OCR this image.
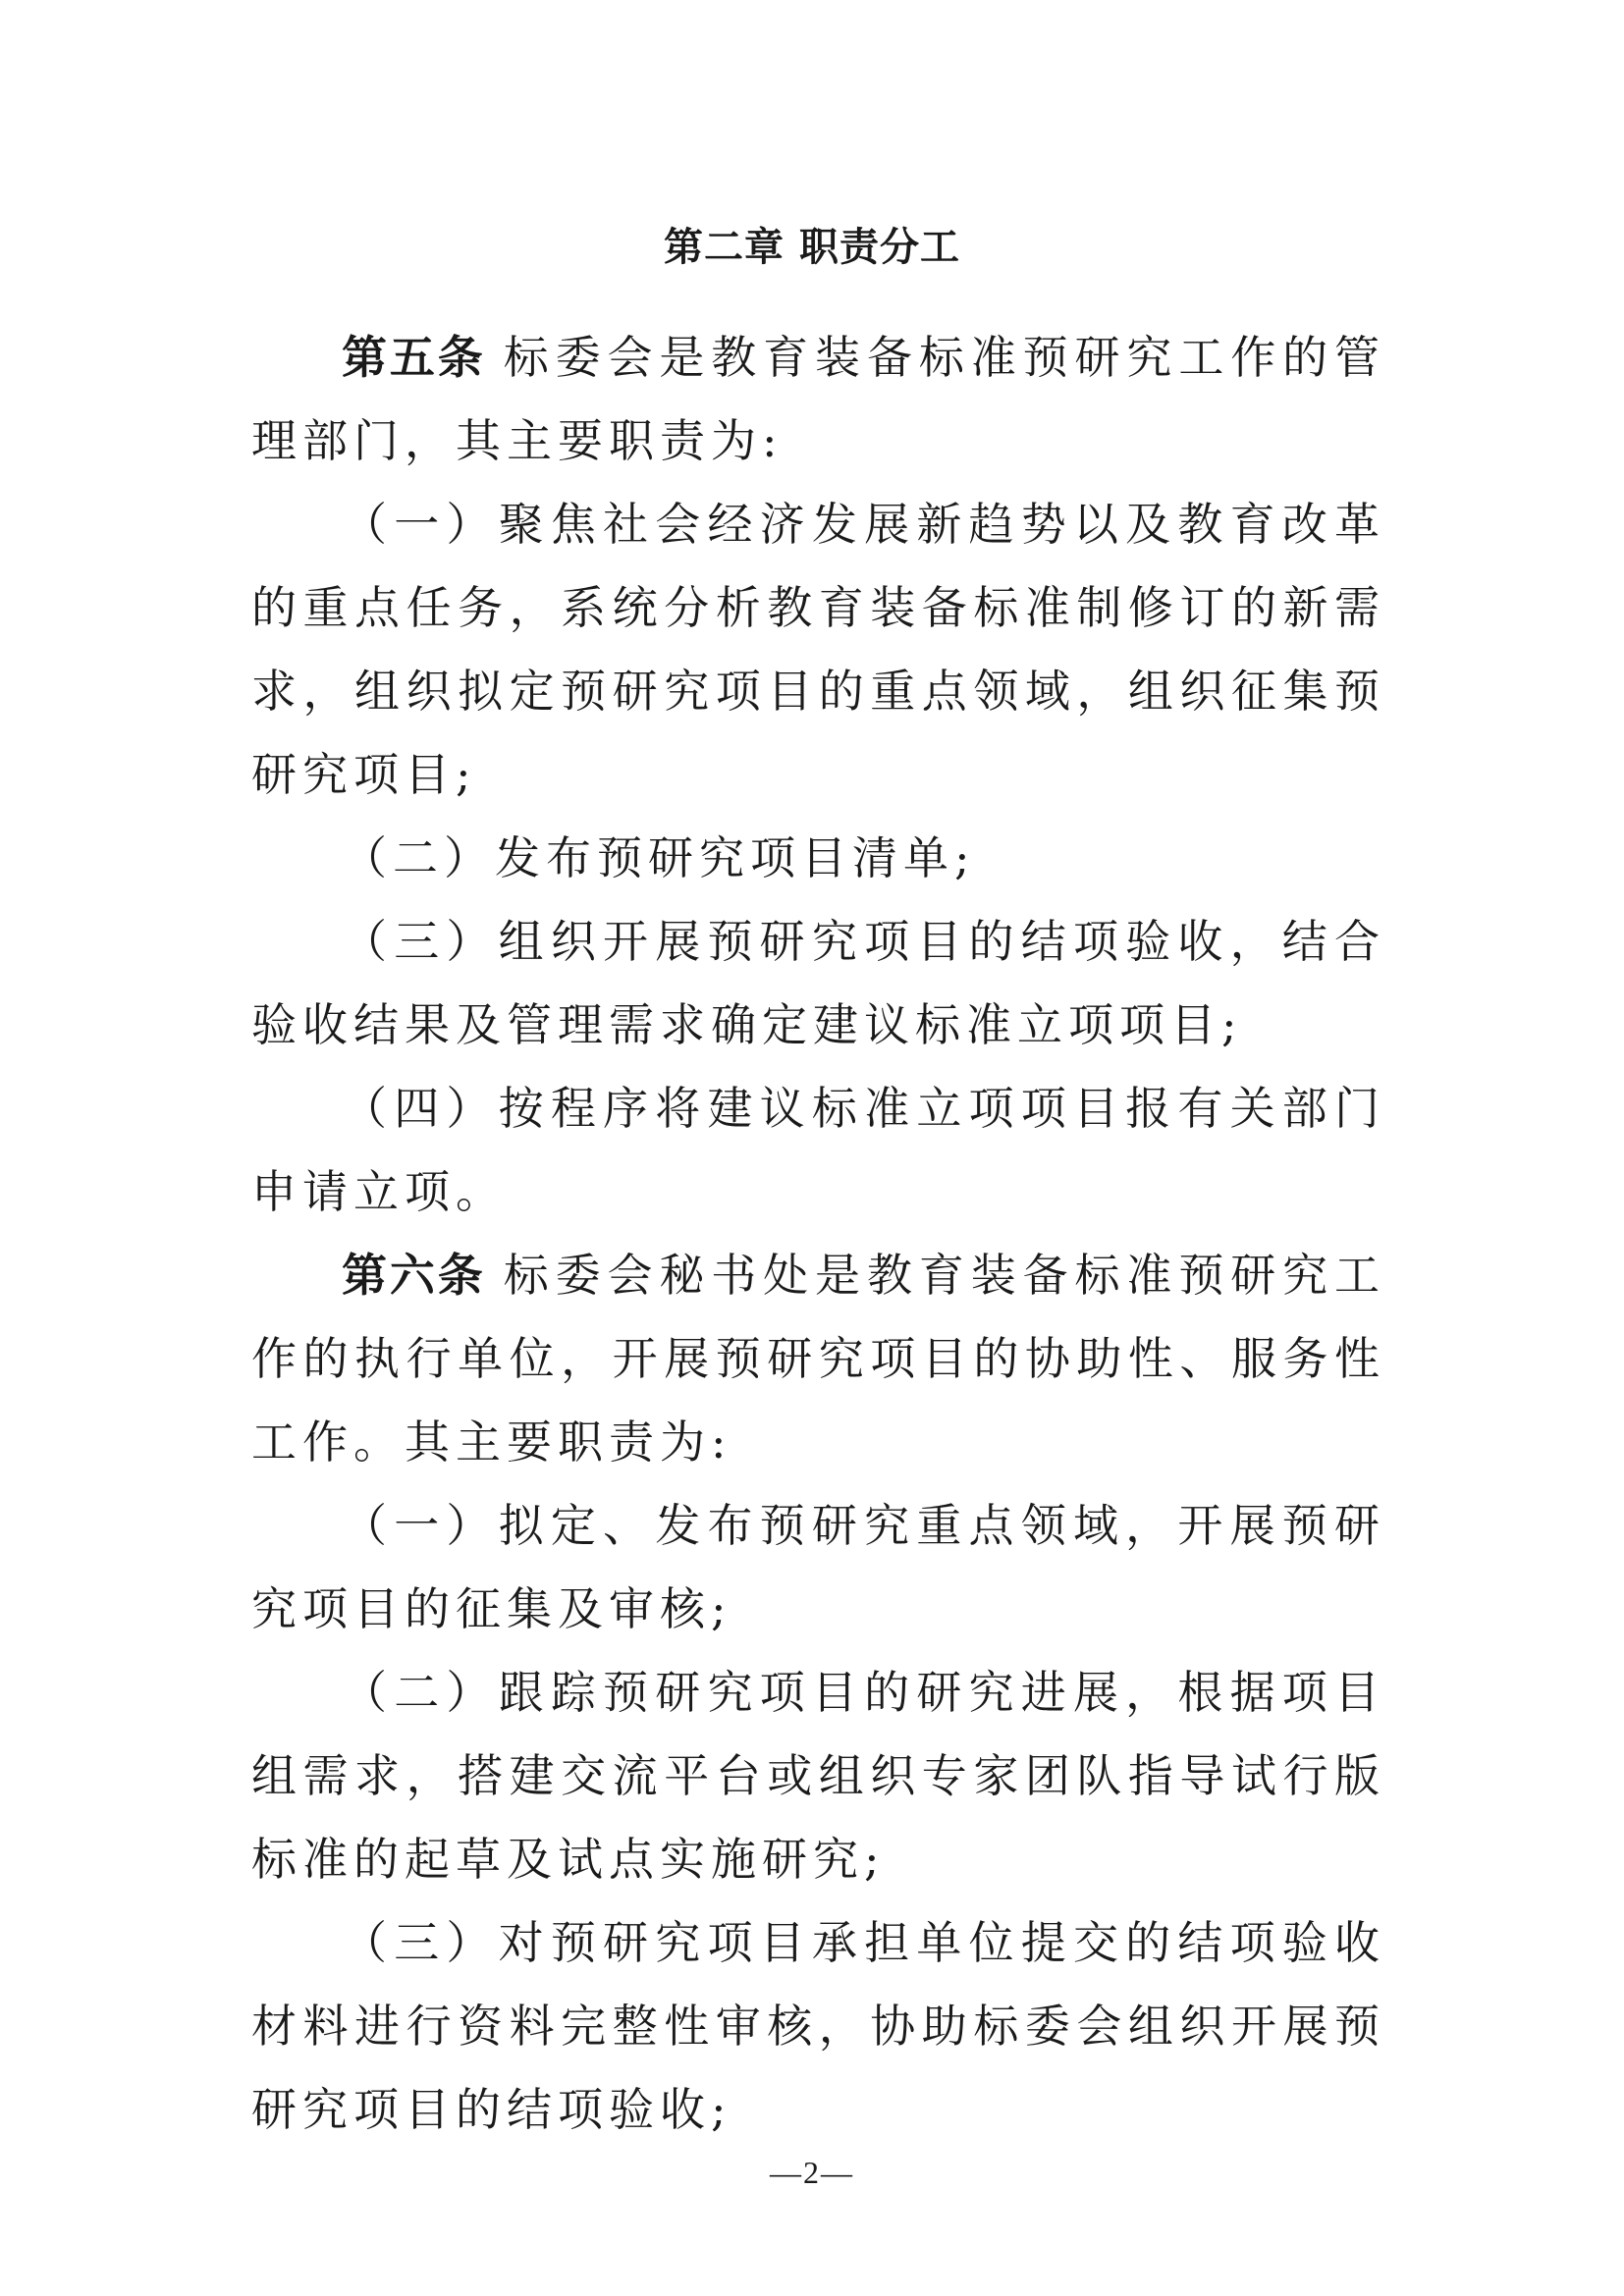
第二章 职责分工

第五条 标委会是教育装备标准预研究工作的管理部门，其主要职责为:

（一）聚焦社会经济发展新趋势以及教育改革的重点任务，系统分析教育装备标准制修订的新需求，组织拟定预研究项目的重点领域，组织征集预研究项目;

（二）发布预研究项目清单;

（三）组织开展预研究项目的结项验收，结合验收结果及管理需求确定建议标准立项项目;

（四）按程序将建议标准立项项目报有关部门申请立项。

第六条 标委会秘书处是教育装备标准预研究工作的执行单位，开展预研究项目的协助性、服务性工作。其主要职责为:

（一）拟定、发布预研究重点领域，开展预研究项目的征集及审核;

（二）跟踪预研究项目的研究进展，根据项目组需求，搭建交流平台或组织专家团队指导试行版标准的起草及试点实施研究;

（三）对预研究项目承担单位提交的结项验收材料进行资料完整性审核，协助标委会组织开展预研究项目的结项验收;

—2—
